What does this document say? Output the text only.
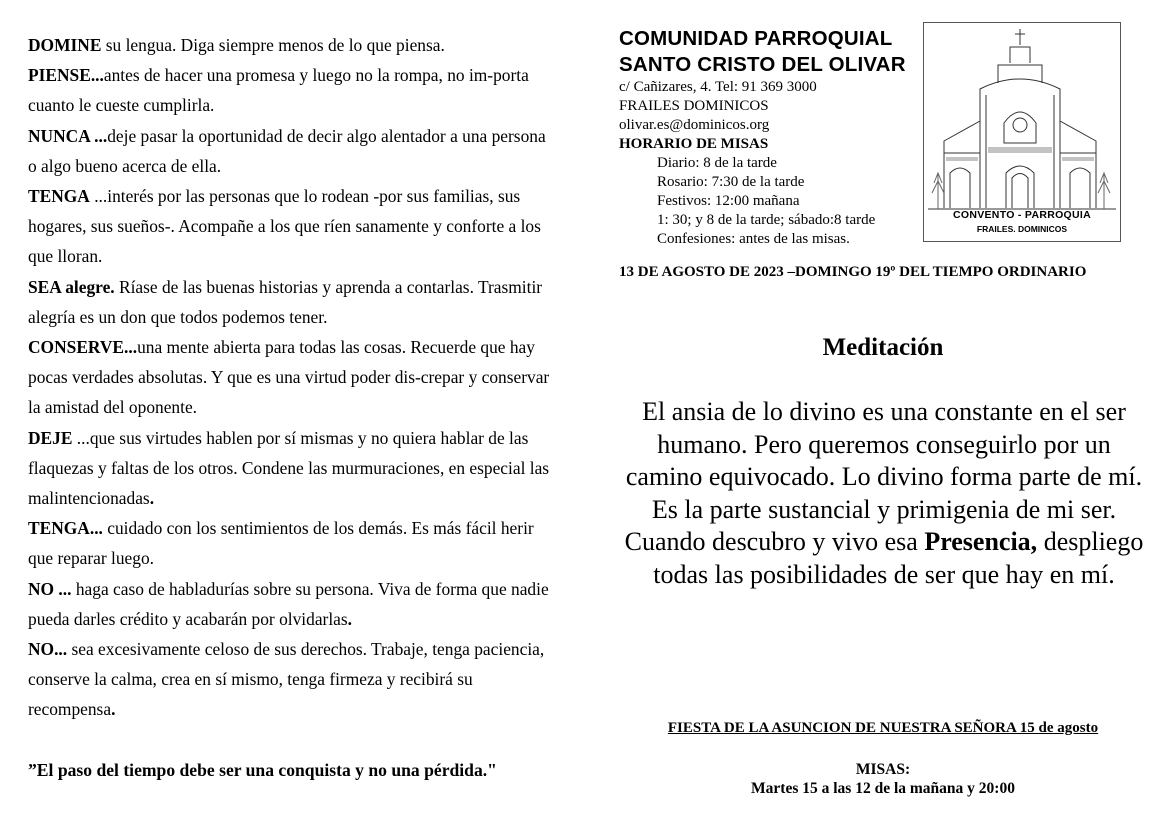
DOMINE su lengua. Diga siempre menos de lo que piensa.

PIENSE...antes de hacer una promesa y luego no la rompa, no im-porta cuanto le cueste cumplirla.

NUNCA ...deje pasar la oportunidad de decir algo alentador a una persona o algo bueno acerca de ella.

TENGA ...interés por las personas que lo rodean -por sus familias, sus hogares, sus sueños-. Acompañe a los que ríen sanamente y conforte a los que lloran.

SEA alegre. Ríase de las buenas historias y aprenda a contarlas. Trasmitir alegría es un don que todos podemos tener.

CONSERVE...una mente abierta para todas las cosas. Recuerde que hay pocas verdades absolutas. Y que es una virtud poder dis-crepar y conservar la amistad del oponente.

DEJE ...que sus virtudes hablen por sí mismas y no quiera hablar de las flaquezas y faltas de los otros. Condene las murmuraciones, en especial las malintencionadas.

TENGA... cuidado con los sentimientos de los demás. Es más fácil herir que reparar luego.

NO ... haga caso de habladurías sobre su persona. Viva de forma que nadie pueda darles crédito y acabarán por olvidarlas.

NO... sea excesivamente celoso de sus derechos. Trabaje, tenga paciencia, conserve la calma, crea en sí mismo, tenga firmeza y recibirá su recompensa.

”El paso del tiempo debe ser una conquista y no una pérdida."

COMUNIDAD PARROQUIAL
SANTO CRISTO DEL OLIVAR
c/ Cañizares, 4. Tel: 91 369 3000
FRAILES DOMINICOS
olivar.es@dominicos.org
HORARIO DE MISAS
Diario: 8 de la tarde
Rosario: 7:30 de la tarde
Festivos: 12:00 mañana
1: 30; y 8 de la tarde; sábado:8 tarde
Confesiones: antes de las misas.
CONVENTO - PARROQUIA
FRAILES. DOMINICOS
13 DE AGOSTO DE 2023 –DOMINGO 19º DEL TIEMPO ORDINARIO
Meditación

El ansia de lo divino es una constante en el ser humano. Pero queremos conseguirlo por un camino equivocado. Lo divino forma parte de mí. Es la parte sustancial y primigenia de mi ser. Cuando descubro y vivo esa Presencia, despliego todas las posibilidades de ser que hay en mí.

FIESTA DE LA ASUNCION DE NUESTRA SEÑORA 15 de agosto
MISAS:
Martes 15 a las 12 de la mañana y 20:00
